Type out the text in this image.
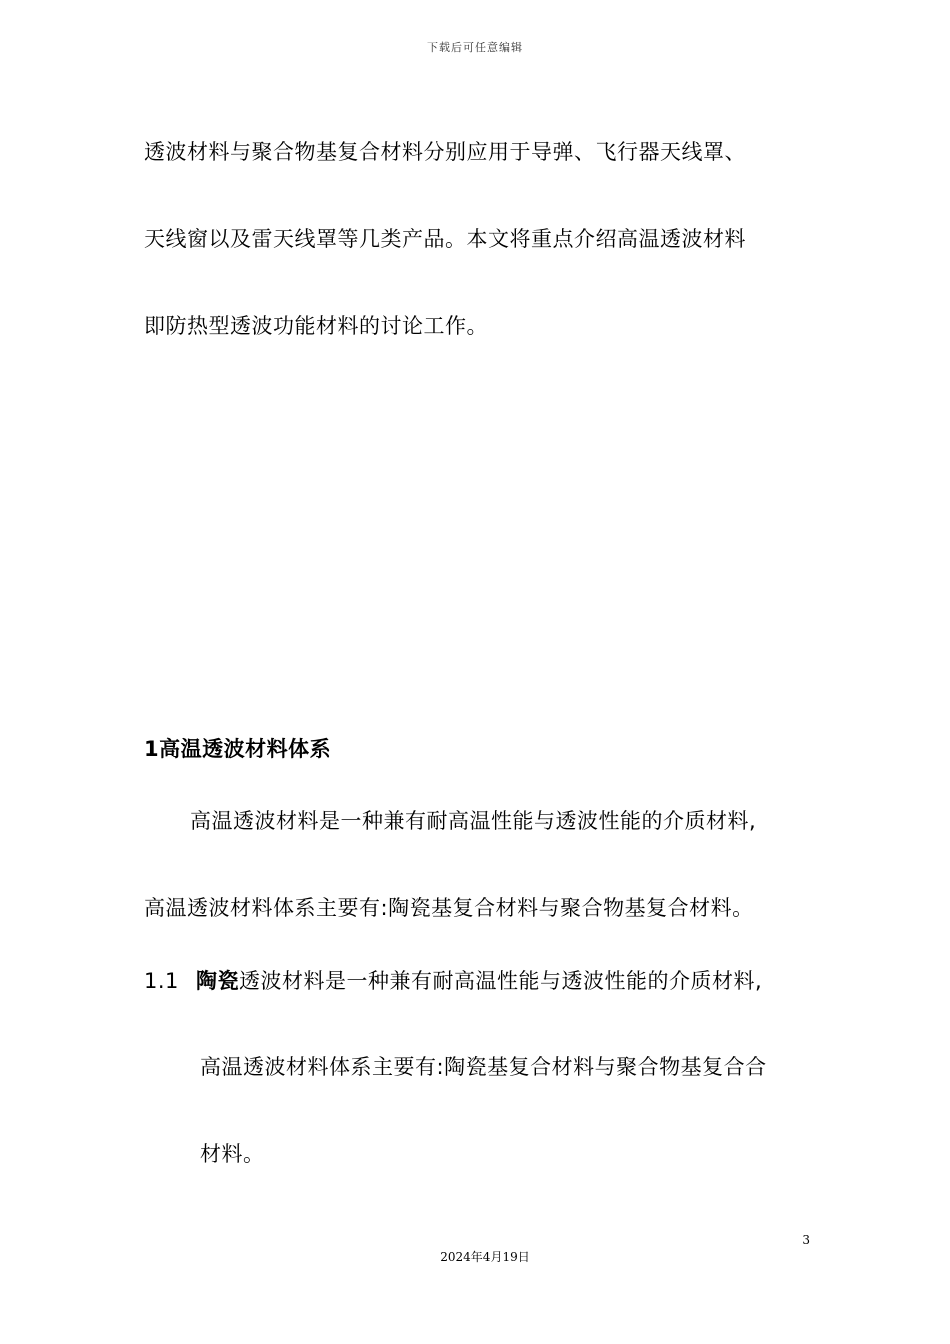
下载后可任意编辑
透波材料与聚合物基复合材料分别应用于导弹、飞行器天线罩、
天线窗以及雷天线罩等几类产品。本文将重点介绍高温透波材料
即防热型透波功能材料的讨论工作。
1高温透波材料体系
高温透波材料是一种兼有耐高温性能与透波性能的介质材料,
高温透波材料体系主要有:陶瓷基复合材料与聚合物基复合材料。
1.1 陶瓷透波材料是一种兼有耐高温性能与透波性能的介质材料,
高温透波材料体系主要有:陶瓷基复合材料与聚合物基复合合
材料。
3
2024年4月19日
